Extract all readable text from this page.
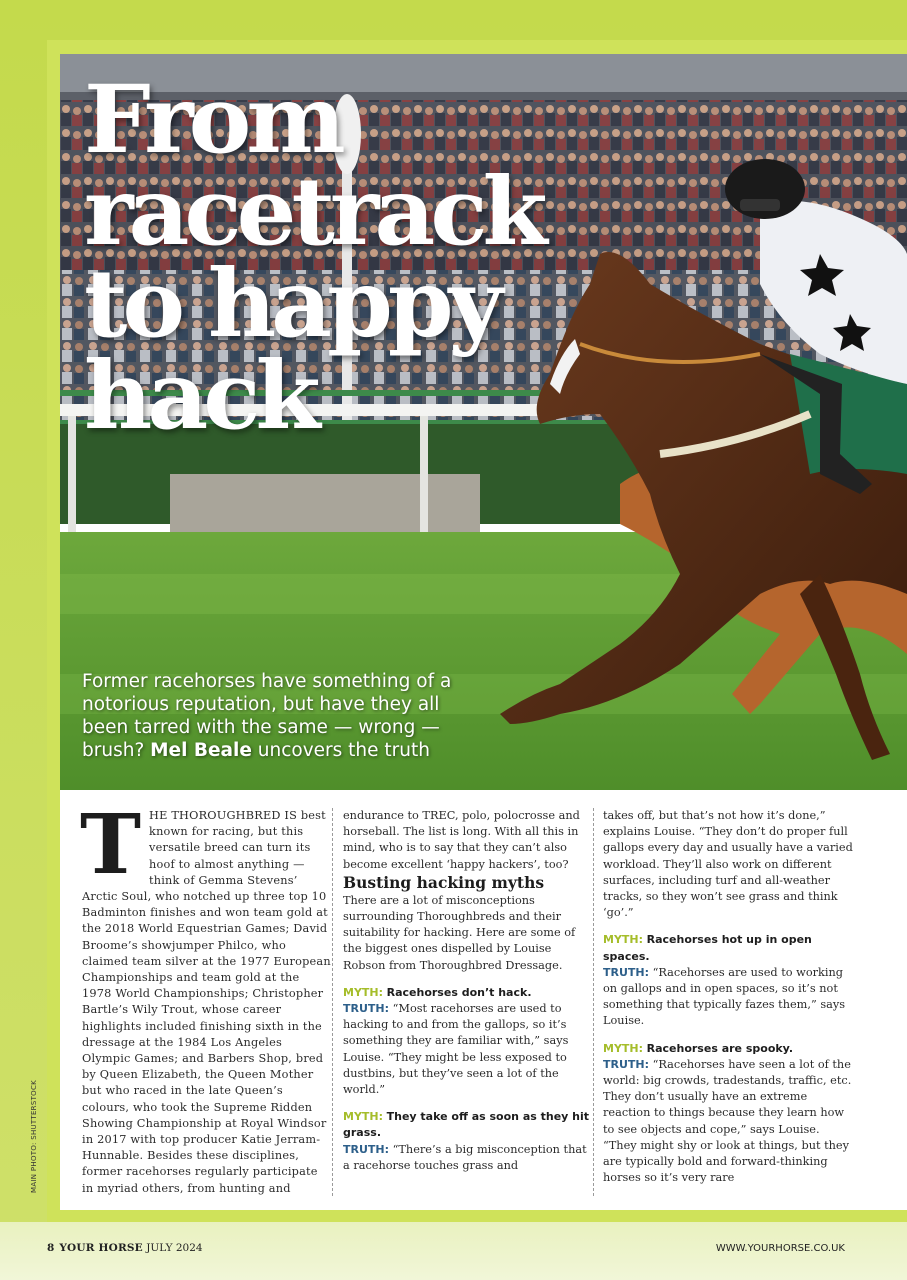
From
racetrack
to happy
hack

Former racehorses have something of a notorious reputation, but have they all been tarred with the same — wrong — brush? Mel Beale uncovers the truth

T HE THOROUGHBRED IS best known for racing, but this versatile breed can turn its hoof to almost anything — think of Gemma Stevens’ Arctic Soul, who notched up three top 10 Badminton finishes and won team gold at the 2018 World Equestrian Games; David Broome’s showjumper Philco, who claimed team silver at the 1977 European Championships and team gold at the 1978 World Championships; Christopher Bartle’s Wily Trout, whose career highlights included finishing sixth in the dressage at the 1984 Los Angeles Olympic Games; and Barbers Shop, bred by Queen Elizabeth, the Queen Mother but who raced in the late Queen’s colours, who took the Supreme Ridden Showing Championship at Royal Windsor in 2017 with top producer Katie Jerram-Hunnable. Besides these disciplines, former racehorses regularly participate in myriad others, from hunting and

endurance to TREC, polo, polocrosse and horseball. The list is long. With all this in mind, who is to say that they can’t also become excellent ‘happy hackers’, too?

Busting hacking myths

There are a lot of misconceptions surrounding Thoroughbreds and their suitability for hacking. Here are some of the biggest ones dispelled by Louise Robson from Thoroughbred Dressage.

MYTH: Racehorses don’t hack.
TRUTH: “Most racehorses are used to hacking to and from the gallops, so it’s something they are familiar with,” says Louise. “They might be less exposed to dustbins, but they’ve seen a lot of the world.”

MYTH: They take off as soon as they hit grass.
TRUTH: “There’s a big misconception that a racehorse touches grass and

takes off, but that’s not how it’s done,” explains Louise. “They don’t do proper full gallops every day and usually have a varied workload. They’ll also work on different surfaces, including turf and all-weather tracks, so they won’t see grass and think ‘go’.”

MYTH: Racehorses hot up in open spaces.
TRUTH: “Racehorses are used to working on gallops and in open spaces, so it’s not something that typically fazes them,” says Louise.

MYTH: Racehorses are spooky.
TRUTH: “Racehorses have seen a lot of the world: big crowds, tradestands, traffic, etc. They don’t usually have an extreme reaction to things because they learn how to see objects and cope,” says Louise. “They might shy or look at things, but they are typically bold and forward-thinking horses so it’s very rare

MAIN PHOTO: SHUTTERSTOCK
8 YOUR HORSE JULY 2024	WWW.YOURHORSE.CO.UK
